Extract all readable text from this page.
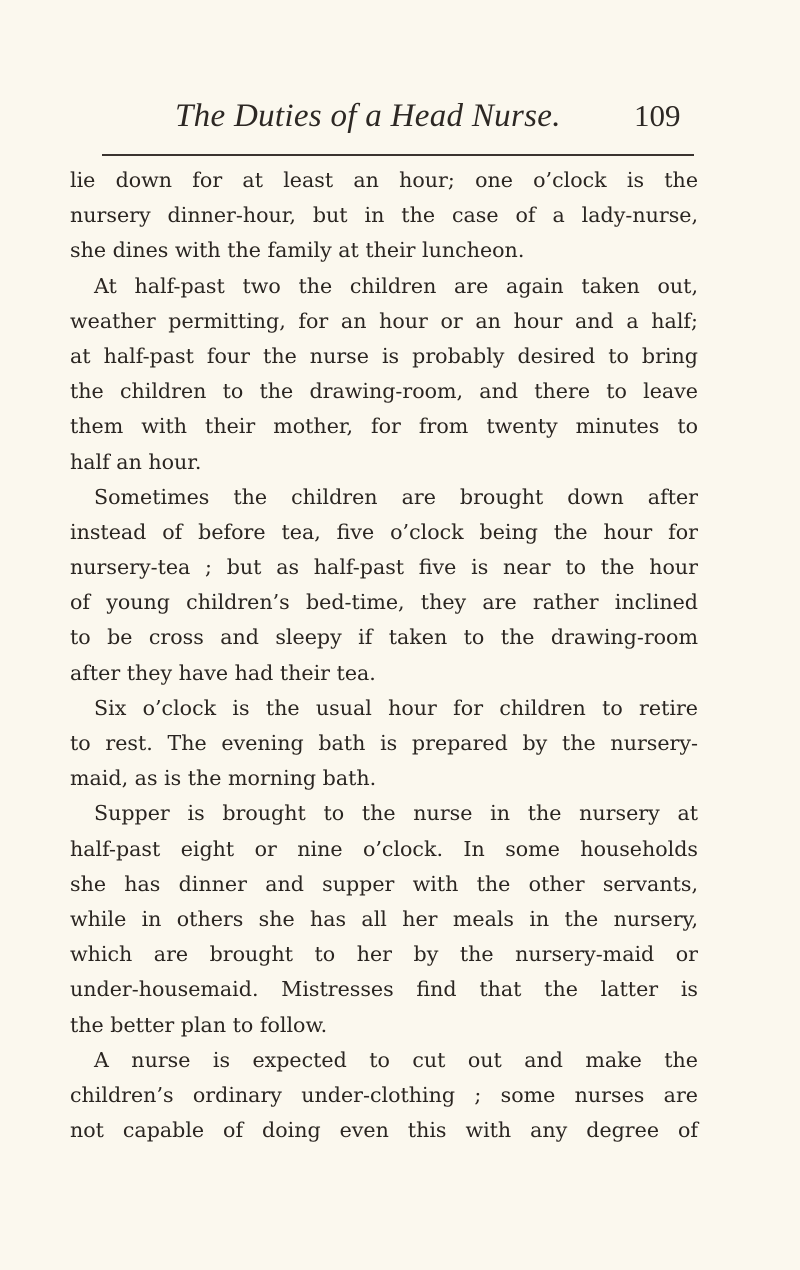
The Duties of a Head Nurse. 109
lie down for at least an hour; one o’clock is the
nursery dinner-hour, but in the case of a lady-nurse,
she dines with the family at their luncheon.
At half-past two the children are again taken out,
weather permitting, for an hour or an hour and a half;
at half-past four the nurse is probably desired to bring
the children to the drawing-room, and there to leave
them with their mother, for from twenty minutes to
half an hour.
Sometimes the children are brought down after
instead of before tea, five o’clock being the hour for
nursery-tea ; but as half-past five is near to the hour
of young children’s bed-time, they are rather inclined
to be cross and sleepy if taken to the drawing-room
after they have had their tea.
Six o’clock is the usual hour for children to retire
to rest. The evening bath is prepared by the nursery-
maid, as is the morning bath.
Supper is brought to the nurse in the nursery at
half-past eight or nine o’clock. In some households
she has dinner and supper with the other servants,
while in others she has all her meals in the nursery,
which are brought to her by the nursery-maid or
under-housemaid. Mistresses find that the latter is
the better plan to follow.
A nurse is expected to cut out and make the
children’s ordinary under-clothing ; some nurses are
not capable of doing even this with any degree of
